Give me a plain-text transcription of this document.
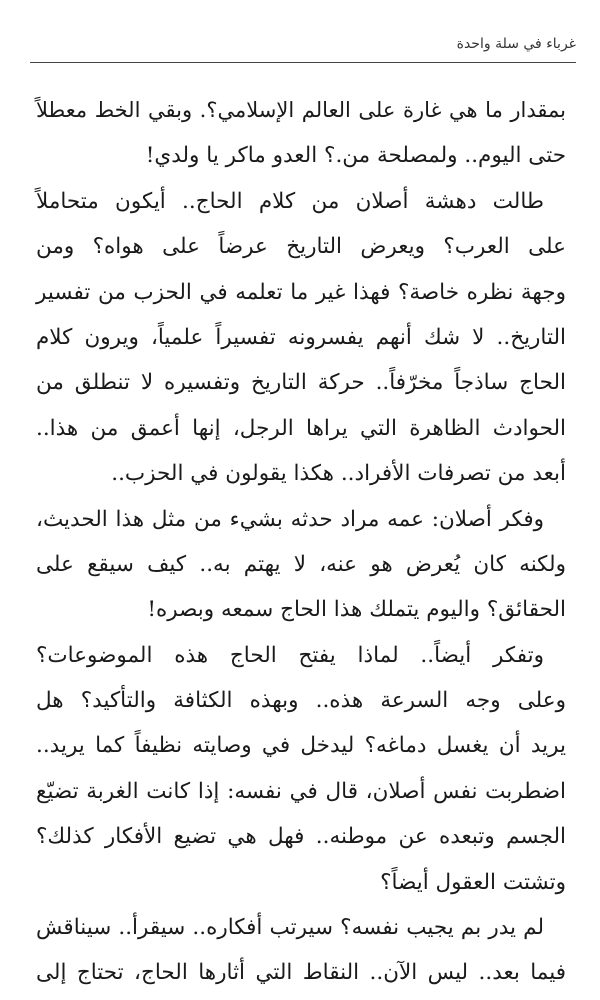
غرباء في سلة واحدة
بمقدار ما هي غارة على العالم الإسلامي؟. وبقي الخط معطلاً
حتى اليوم.. ولمصلحة من.؟ العدو ماكر يا ولدي!
طالت دهشة أصلان من كلام الحاج.. أيكون متحاملاً
على العرب؟ ويعرض التاريخ عرضاً على هواه؟ ومن
وجهة نظره خاصة؟ فهذا غير ما تعلمه في الحزب من تفسير
التاريخ.. لا شك أنهم يفسرونه تفسيراً علمياً، ويرون كلام
الحاج ساذجاً مخرّفاً.. حركة التاريخ وتفسيره لا تنطلق من
الحوادث الظاهرة التي يراها الرجل، إنها أعمق من هذا..
أبعد من تصرفات الأفراد.. هكذا يقولون في الحزب..
وفكر أصلان: عمه مراد حدثه بشيء من مثل هذا الحديث،
ولكنه كان يُعرض هو عنه، لا يهتم به.. كيف سيقع على
الحقائق؟ واليوم يتملك هذا الحاج سمعه وبصره!
وتفكر أيضاً.. لماذا يفتح الحاج هذه الموضوعات؟
وعلى وجه السرعة هذه.. وبهذه الكثافة والتأكيد؟ هل
يريد أن يغسل دماغه؟ ليدخل في وصايته نظيفاً كما يريد..
اضطربت نفس أصلان، قال في نفسه: إذا كانت الغربة تضيّع
الجسم وتبعده عن موطنه.. فهل هي تضيع الأفكار كذلك؟
وتشتت العقول أيضاً؟
لم يدر بم يجيب نفسه؟ سيرتب أفكاره.. سيقرأ.. سيناقش
فيما بعد.. ليس الآن.. النقاط التي أثارها الحاج، تحتاج إلى
